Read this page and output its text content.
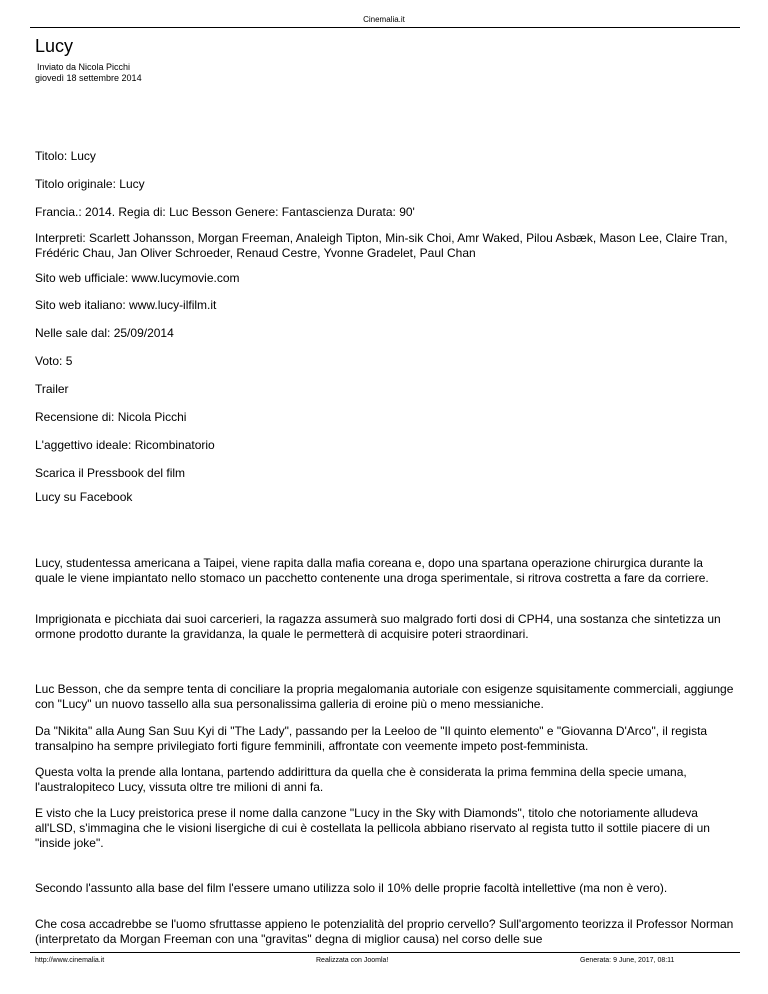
Cinemalia.it
Lucy
Inviato da Nicola Picchi
giovedì 18 settembre 2014

Titolo: Lucy

Titolo originale: Lucy

Francia.: 2014. Regia di: Luc Besson Genere: Fantascienza Durata: 90'

Interpreti: Scarlett Johansson, Morgan Freeman, Analeigh Tipton, Min-sik Choi, Amr Waked, Pilou Asbæk, Mason Lee, Claire Tran, Frédéric Chau, Jan Oliver Schroeder, Renaud Cestre, Yvonne Gradelet, Paul Chan

Sito web ufficiale: www.lucymovie.com

Sito web italiano: www.lucy-ilfilm.it

Nelle sale dal: 25/09/2014

Voto: 5

Trailer

Recensione di: Nicola Picchi

L'aggettivo ideale: Ricombinatorio

Scarica il Pressbook del film

Lucy su Facebook

Lucy, studentessa americana a Taipei, viene rapita dalla mafia coreana e, dopo una spartana operazione chirurgica durante la quale le viene impiantato nello stomaco un pacchetto contenente una droga sperimentale, si ritrova costretta a fare da corriere.

Imprigionata e picchiata dai suoi carcerieri, la ragazza assumerà suo malgrado forti dosi di CPH4, una sostanza che sintetizza un ormone prodotto durante la gravidanza, la quale le permetterà di acquisire poteri straordinari.

Luc Besson, che da sempre tenta di conciliare la propria megalomania autoriale con esigenze squisitamente commerciali, aggiunge con "Lucy" un nuovo tassello alla sua personalissima galleria di eroine più o meno messianiche.

Da "Nikita" alla Aung San Suu Kyi di "The Lady", passando per la Leeloo de "Il quinto elemento" e "Giovanna D'Arco", il regista transalpino ha sempre privilegiato forti figure femminili, affrontate con veemente impeto post-femminista.

Questa volta la prende alla lontana, partendo addirittura da quella che è considerata la prima femmina della specie umana, l'australopiteco Lucy, vissuta oltre tre milioni di anni fa.

E visto che la Lucy preistorica prese il nome dalla canzone "Lucy in the Sky with Diamonds", titolo che notoriamente alludeva all'LSD, s'immagina che le visioni lisergiche di cui è costellata la pellicola abbiano riservato al regista tutto il sottile piacere di un "inside joke".

Secondo l'assunto alla base del film l'essere umano utilizza solo il 10% delle proprie facoltà intellettive (ma non è vero).

Che cosa accadrebbe se l'uomo sfruttasse appieno le potenzialità del proprio cervello? Sull'argomento teorizza il Professor Norman (interpretato da Morgan Freeman con una "gravitas" degna di miglior causa) nel corso delle sue

http://www.cinemalia.it	Realizzata con Joomla!	Generata: 9 June, 2017, 08:11
